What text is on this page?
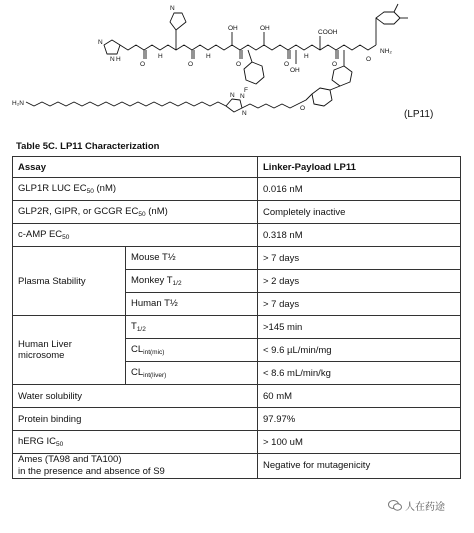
N
N H	H
O	O	O	O	O
N
OH	OH
COOH
OH
NH₂
O
F
H	H
H₂N
N N
N
O
(LP11)
Table 5C. LP11 Characterization
Assay		Linker-Payload LP11
GLP1R LUC $EC_{50}$ (nM)		0.016 nM
GLP2R, GIPR, or GCGR $EC_{50}$ (nM)		Completely inactive
c-AMP $EC_{50}$		0.318 nM
Plasma Stability	Mouse T½	> 7 days
	Monkey $T_{1/2}$	> 2 days
	Human T½	> 7 days
Human Liver microsome	$T_{1/2}$	>145 min
	$CL_{int(mic)}$	< 9.6 µL/min/mg
	$CL_{int(liver)}$	< 8.6 mL/min/kg
Water solubility		60 mM
Protein binding		97.97%
hERG $IC_{50}$		> 100 uM
Ames (TA98 and TA100)
in the presence and absence of S9		Negative for mutagenicity
人在药途
